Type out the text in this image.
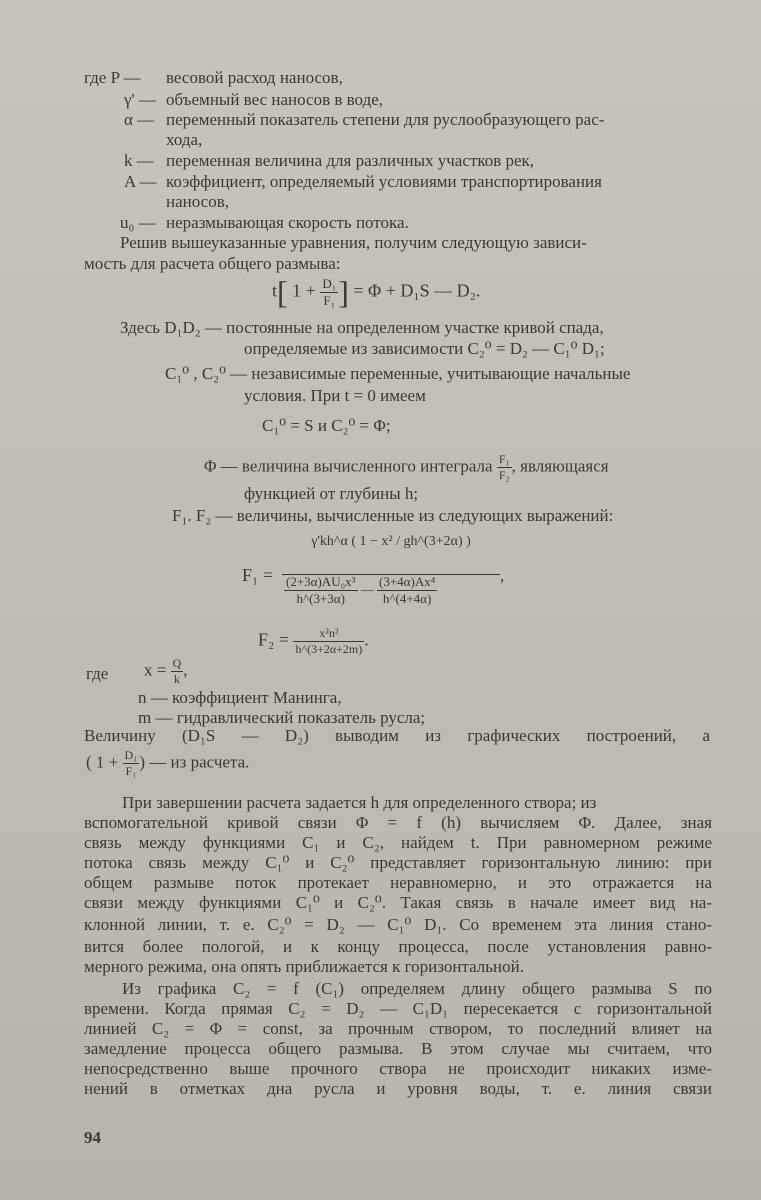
где P — весовой расход наносов,
γ' — объемный вес наносов в воде,
α — переменный показатель степени для руслообразующего рас-
хода,
k — переменная величина для различных участков рек,
A — коэффициент, определяемый условиями транспортирования
наносов,
u₀ — неразмывающая скорость потока.
Решив вышеуказанные уравнения, получим следующую зависи-
мость для расчета общего размыва:
t[ $1 + \frac{\text{D₁}}{\text{F₁}}$ ] = Φ + D₁S — D₂.
Здесь D₁D₂ — постоянные на определенном участке кривой спада,
определяемые из зависимости C₂⁰ = D₂ — C₁⁰ D₁;
C₁⁰ , C₂⁰ — независимые переменные, учитывающие начальные
условия. При t = 0 имеем
C₁⁰ = S и C₂⁰ = Φ;
Φ — величина вычисленного интеграла $\frac{\text{F₁}}{\text{F₂}}$ , являющаяся
функцией от глубины h;
F₁. F₂ — величины, вычисленные из следующих выражений:
F₁ =
γ'kh^α ( 1 − x² / gh^(3+2α) )
$\frac{\text{(2+3α)AU₀x³}}{h\^{}(3+3\alpha)}$ — $\frac{\text{(3+4α)Ax⁴}}{h\^{}(4+4\alpha)}$	,
$F_2 = \frac{\text{x²n²}}{h\^{}(3+2\alpha+2m)}$ .
где $x = \frac{Q}{k}$ ,
n — коэффициент Манинга,
m — гидравлический показатель русла;
Величину (D₁S — D₂) выводим из графических построений, а
( $1 + \frac{\text{D₁}}{\text{F₁}}$ ) — из расчета.
При завершении расчета задается h для определенного створа; из
вспомогательной кривой связи Φ = f (h) вычисляем Φ. Далее, зная
связь между функциями C₁ и C₂, найдем t. При равномерном режиме
потока связь между C₁⁰ и C₂⁰ представляет горизонтальную линию: при
общем размыве поток протекает неравномерно, и это отражается на
связи между функциями C₁⁰ и C₂⁰. Такая связь в начале имеет вид на-
клонной линии, т. е. C₂⁰ = D₂ — C₁⁰ D₁. Со временем эта линия стано-
вится более пологой, и к концу процесса, после установления равно-
мерного режима, она опять приближается к горизонтальной.
Из графика C₂ = f (C₁) определяем длину общего размыва S по
времени. Когда прямая C₂ = D₂ — C₁D₁ пересекается с горизонтальной
линией C₂ = Φ = const, за прочным створом, то последний влияет на
замедление процесса общего размыва. В этом случае мы считаем, что
непосредственно выше прочного створа не происходит никаких изме-
нений в отметках дна русла и уровня воды, т. е. линия связи
94
